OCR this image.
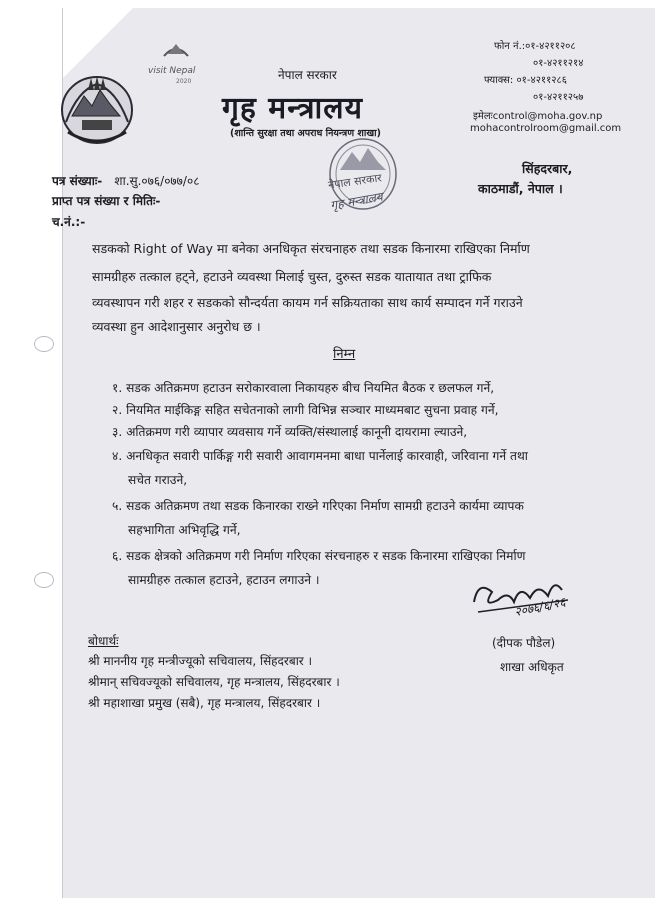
visit Nepal
2020	नेपाल सरकार
गृह मन्त्रालय
(शान्ति सुरक्षा तथा अपराध नियन्त्रण शाखा)
फोन नं.:०१-४२११२०८
०१-४२११२१४
फ्याक्स: ०१-४२११२८६
०१-४२११२५७
इमेलःcontrol@moha.gov.np
mohacontrolroom@gmail.com
सिंहदरबार,
काठमाडौं, नेपाल ।
नेपाल सरकार
गृह मन्त्रालय
पत्र संख्याः- शा.सु.०७६/०७७/०८
प्राप्त पत्र संख्या र मितिः-
च.नं.:-
सडकको Right of Way मा बनेका अनधिकृत संरचनाहरु तथा सडक किनारमा राखिएका निर्माण
सामग्रीहरु तत्काल हट्ने, हटाउने व्यवस्था मिलाई चुस्त, दुरुस्त सडक यातायात तथा ट्राफिक
व्यवस्थापन गरी शहर र सडकको सौन्दर्यता कायम गर्न सक्रियताका साथ कार्य सम्पादन गर्ने गराउने
व्यवस्था हुन आदेशानुसार अनुरोध छ ।
निम्न
१. सडक अतिक्रमण हटाउन सरोकारवाला निकायहरु बीच नियमित बैठक र छलफल गर्ने,
२. नियमित माईकिङ्ग सहित सचेतनाको लागी विभिन्न सञ्चार माध्यमबाट सुचना प्रवाह गर्ने,
३. अतिक्रमण गरी व्यापार व्यवसाय गर्ने व्यक्ति/संस्थालाई कानूनी दायरामा ल्याउने,
४. अनधिकृत सवारी पार्किङ्ग गरी सवारी आवागमनमा बाधा पार्नेलाई कारवाही, जरिवाना गर्ने तथा
सचेत गराउने,
५. सडक अतिक्रमण तथा सडक किनारका राख्ने गरिएका निर्माण सामग्री हटाउने कार्यमा व्यापक
सहभागिता अभिवृद्धि गर्ने,
६. सडक क्षेत्रको अतिक्रमण गरी निर्माण गरिएका संरचनाहरु र सडक किनारमा राखिएका निर्माण
सामग्रीहरु तत्काल हटाउने, हटाउन लगाउने ।
२०७६/६/२६
(दीपक पौडेल)
शाखा अधिकृत
बोधार्थः
श्री माननीय गृह मन्त्रीज्यूको सचिवालय, सिंहदरबार ।
श्रीमान् सचिवज्यूको सचिवालय, गृह मन्त्रालय, सिंहदरबार ।
श्री महाशाखा प्रमुख (सबै), गृह मन्त्रालय, सिंहदरबार ।
